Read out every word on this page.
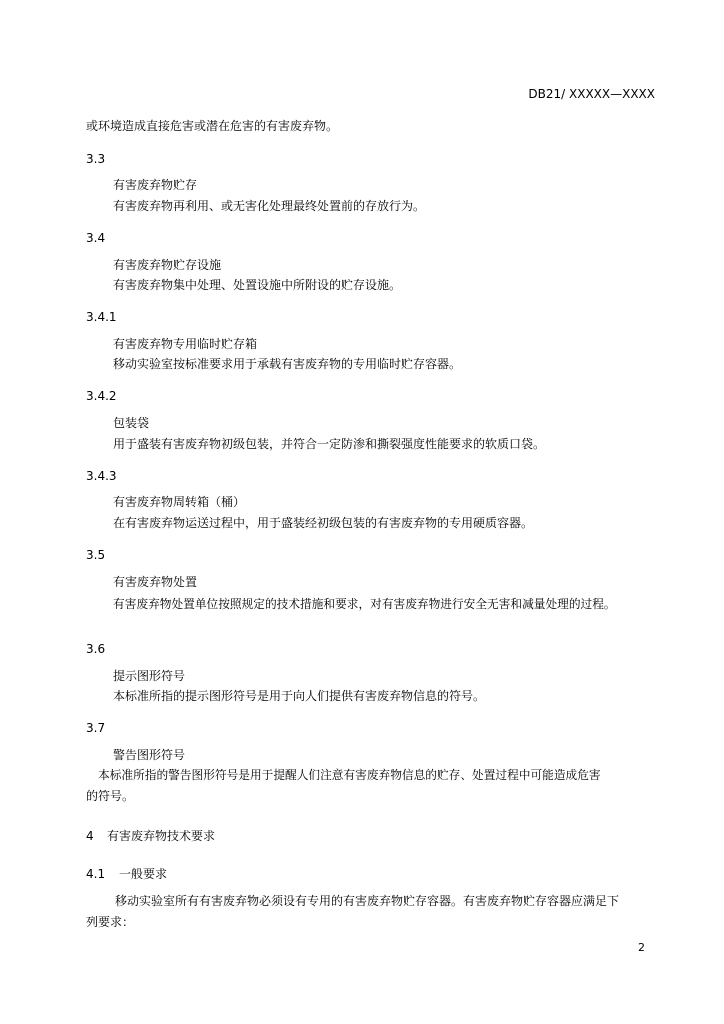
DB21/ XXXXX—XXXX
或环境造成直接危害或潜在危害的有害废弃物。
3.3
有害废弃物贮存
有害废弃物再利用、或无害化处理最终处置前的存放行为。
3.4
有害废弃物贮存设施
有害废弃物集中处理、处置设施中所附设的贮存设施。
3.4.1
有害废弃物专用临时贮存箱
移动实验室按标准要求用于承载有害废弃物的专用临时贮存容器。
3.4.2
包装袋
用于盛装有害废弃物初级包装，并符合一定防渗和撕裂强度性能要求的软质口袋。
3.4.3
有害废弃物周转箱（桶）
在有害废弃物运送过程中，用于盛装经初级包装的有害废弃物的专用硬质容器。
3.5
有害废弃物处置
有害废弃物处置单位按照规定的技术措施和要求，对有害废弃物进行安全无害和减量处理的过程。
3.6
提示图形符号
本标准所指的提示图形符号是用于向人们提供有害废弃物信息的符号。
3.7
警告图形符号
本标准所指的警告图形符号是用于提醒人们注意有害废弃物信息的贮存、处置过程中可能造成危害
的符号。
4 有害废弃物技术要求
4.1 一般要求
移动实验室所有有害废弃物必须设有专用的有害废弃物贮存容器。有害废弃物贮存容器应满足下
列要求：
2
